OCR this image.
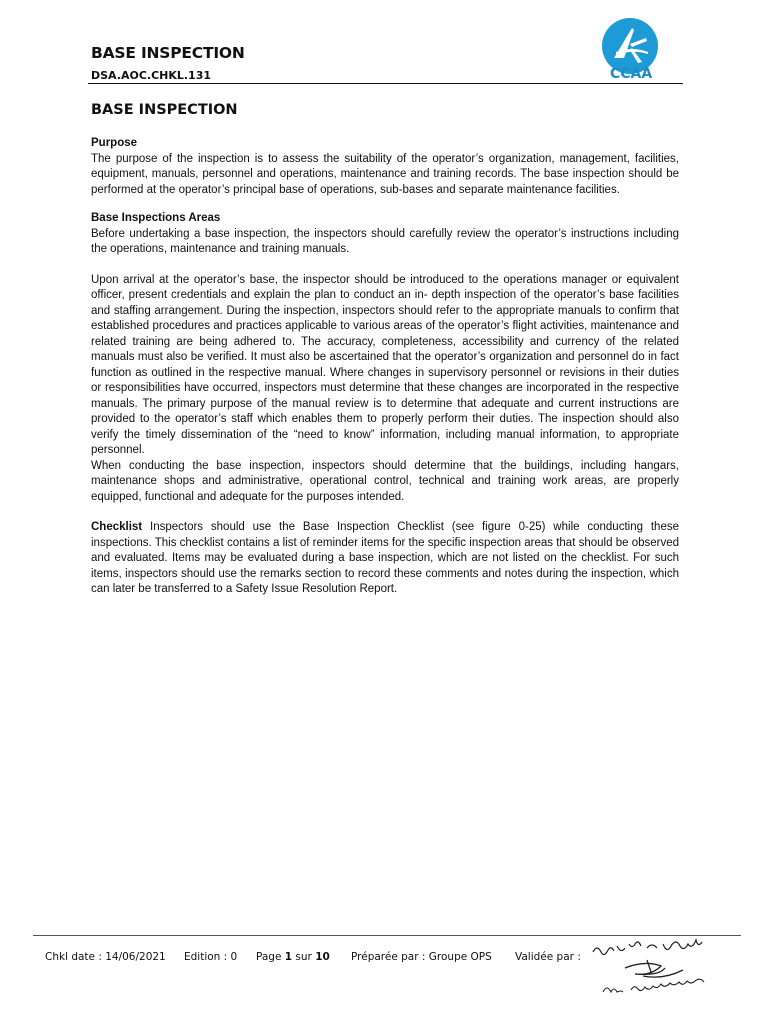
BASE INSPECTION
DSA.AOC.CHKL.131	CCAA
BASE INSPECTION
Purpose

The purpose of the inspection is to assess the suitability of the operator’s organization, management, facilities, equipment, manuals, personnel and operations, maintenance and training records. The base inspection should be performed at the operator’s principal base of operations, sub-bases and separate maintenance facilities.

Base Inspections Areas

Before undertaking a base inspection, the inspectors should carefully review the operator’s instructions including the operations, maintenance and training manuals.

Upon arrival at the operator’s base, the inspector should be introduced to the operations manager or equivalent officer, present credentials and explain the plan to conduct an in- depth inspection of the operator’s base facilities and staffing arrangement. During the inspection, inspectors should refer to the appropriate manuals to confirm that established procedures and practices applicable to various areas of the operator’s flight activities, maintenance and related training are being adhered to. The accuracy, completeness, accessibility and currency of the related manuals must also be verified. It must also be ascertained that the operator’s organization and personnel do in fact function as outlined in the respective manual. Where changes in supervisory personnel or revisions in their duties or responsibilities have occurred, inspectors must determine that these changes are incorporated in the respective manuals. The primary purpose of the manual review is to determine that adequate and current instructions are provided to the operator’s staff which enables them to properly perform their duties. The inspection should also verify the timely dissemination of the “need to know” information, including manual information, to appropriate personnel.

When conducting the base inspection, inspectors should determine that the buildings, including hangars, maintenance shops and administrative, operational control, technical and training work areas, are properly equipped, functional and adequate for the purposes intended.

Checklist Inspectors should use the Base Inspection Checklist (see figure 0-25) while conducting these inspections. This checklist contains a list of reminder items for the specific inspection areas that should be observed and evaluated. Items may be evaluated during a base inspection, which are not listed on the checklist. For such items, inspectors should use the remarks section to record these comments and notes during the inspection, which can later be transferred to a Safety Issue Resolution Report.

Chkl date : 14/06/2021 Edition : 0 Page 1 sur 10 Préparée par : Groupe OPS Validée par :
